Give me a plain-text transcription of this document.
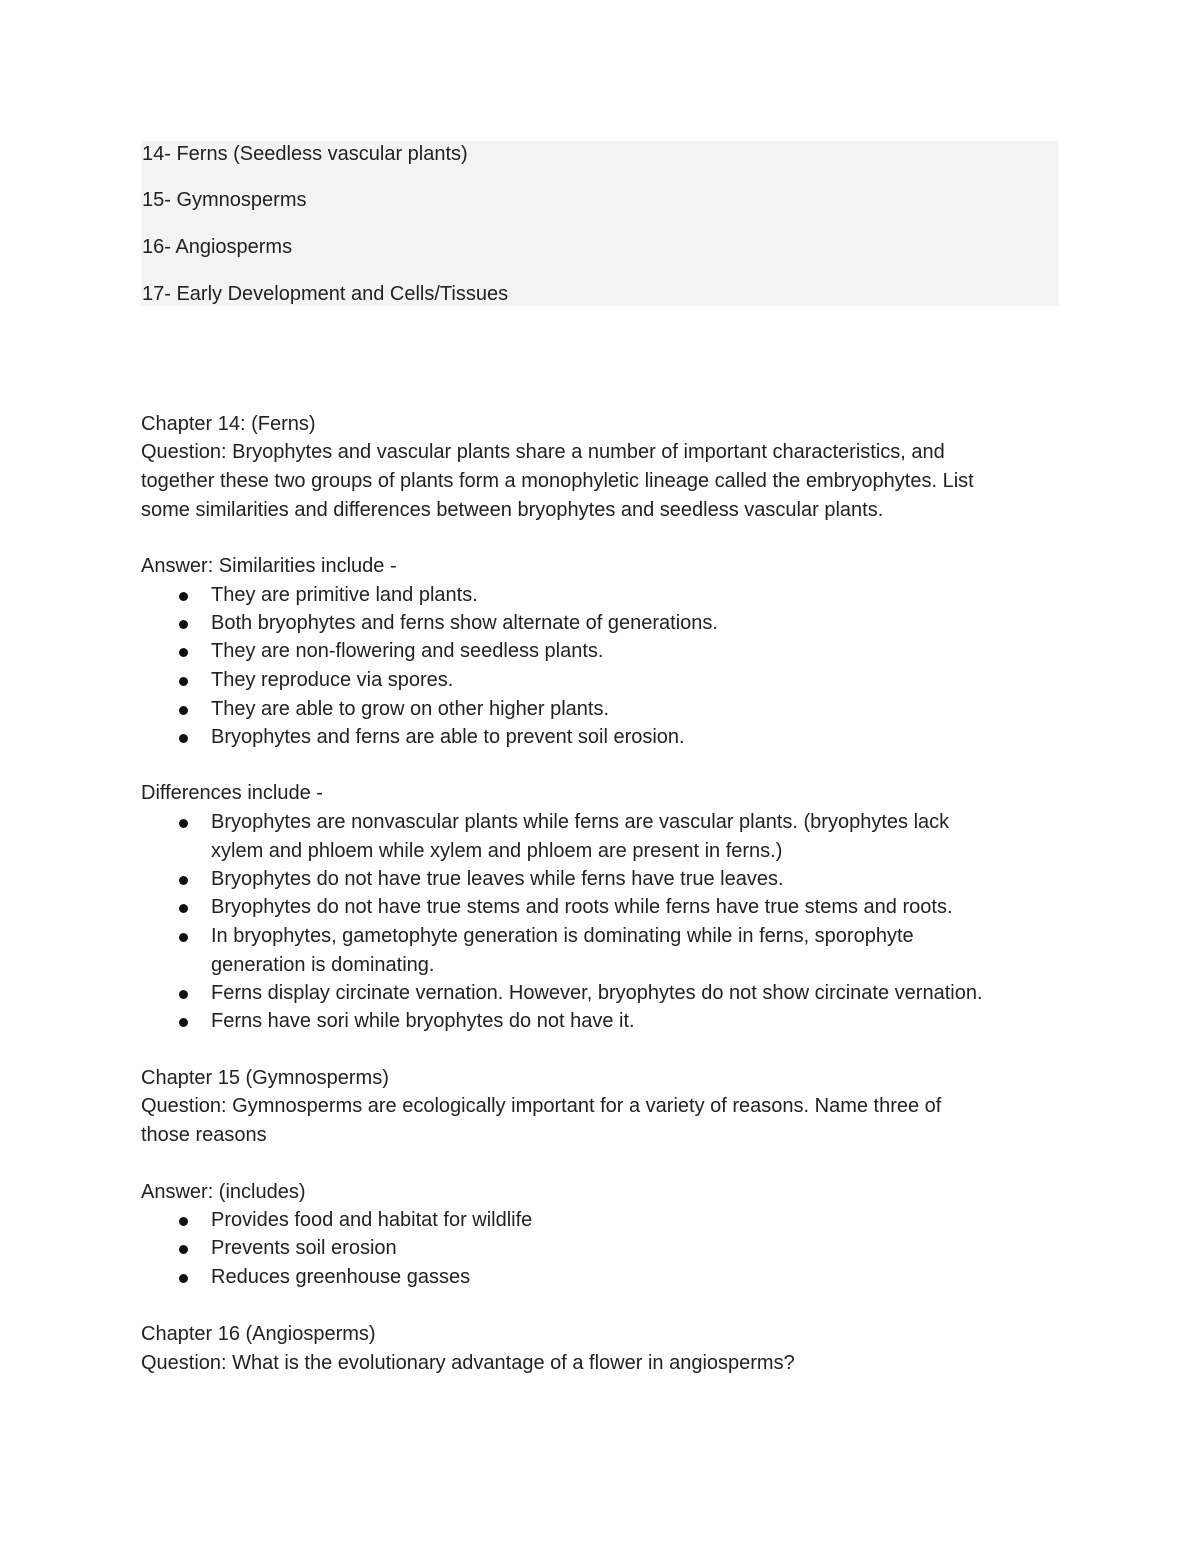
14- Ferns (Seedless vascular plants)

15- Gymnosperms

16- Angiosperms

17- Early Development and Cells/Tissues

Chapter 14: (Ferns)

Question: Bryophytes and vascular plants share a number of important characteristics, and

together these two groups of plants form a monophyletic lineage called the embryophytes. List

some similarities and differences between bryophytes and seedless vascular plants.

Answer: Similarities include -

They are primitive land plants.

Both bryophytes and ferns show alternate of generations.

They are non-flowering and seedless plants.

They reproduce via spores.

They are able to grow on other higher plants.

Bryophytes and ferns are able to prevent soil erosion.

Differences include -

Bryophytes are nonvascular plants while ferns are vascular plants. (bryophytes lack

xylem and phloem while xylem and phloem are present in ferns.)

Bryophytes do not have true leaves while ferns have true leaves.

Bryophytes do not have true stems and roots while ferns have true stems and roots.

In bryophytes, gametophyte generation is dominating while in ferns, sporophyte

generation is dominating.

Ferns display circinate vernation. However, bryophytes do not show circinate vernation.

Ferns have sori while bryophytes do not have it.

Chapter 15 (Gymnosperms)

Question: Gymnosperms are ecologically important for a variety of reasons. Name three of

those reasons

Answer: (includes)

Provides food and habitat for wildlife

Prevents soil erosion

Reduces greenhouse gasses

Chapter 16 (Angiosperms)

Question: What is the evolutionary advantage of a flower in angiosperms?
